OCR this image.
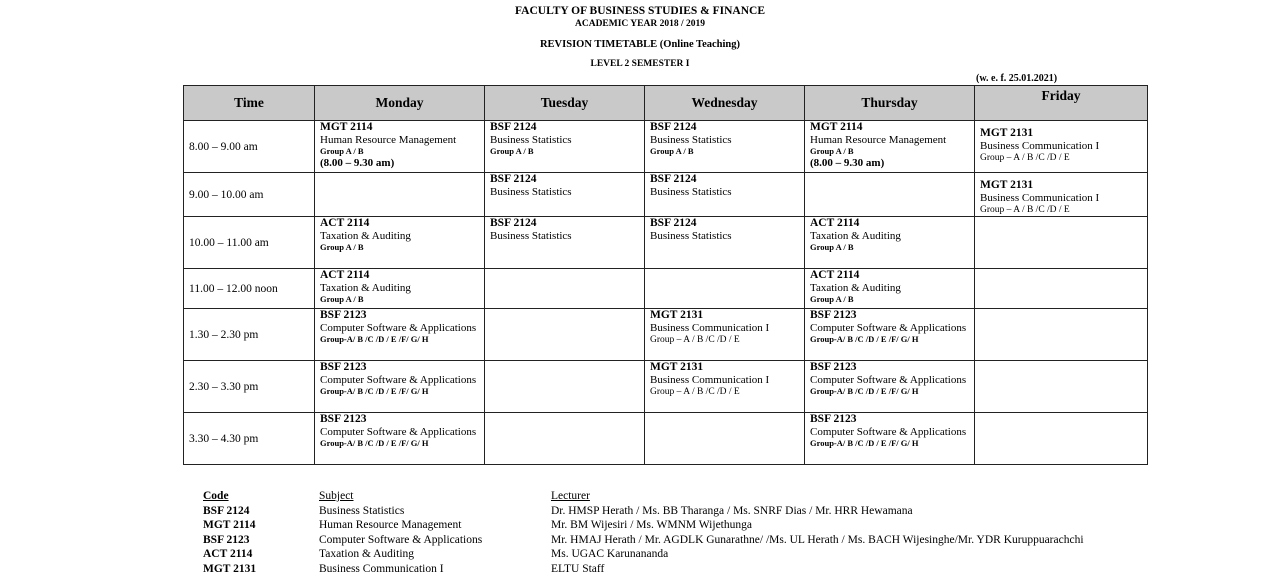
FACULTY OF BUSINESS STUDIES & FINANCE
ACADEMIC YEAR 2018 / 2019
REVISION TIMETABLE (Online Teaching)
LEVEL 2 SEMESTER I
(w. e. f. 25.01.2021)
Time	Monday	Tuesday	Wednesday	Thursday	Friday
8.00 – 9.00 am	MGT 2114
Human Resource Management
Group A / B
(8.00 – 9.30 am)	BSF 2124
Business Statistics
Group A / B	BSF 2124
Business Statistics
Group A / B	MGT 2114
Human Resource Management
Group A / B
(8.00 – 9.30 am)	MGT 2131
Business Communication I
Group – A / B /C /D / E

9.00 – 10.00 am		BSF 2124
Business Statistics	BSF 2124
Business Statistics		MGT 2131
Business Communication I
Group – A / B /C /D / E

10.00 – 11.00 am	ACT 2114
Taxation & Auditing
Group A / B	BSF 2124
Business Statistics	BSF 2124
Business Statistics	ACT 2114
Taxation & Auditing
Group A / B	

11.00 – 12.00 noon	ACT 2114
Taxation & Auditing
Group A / B			ACT 2114
Taxation & Auditing
Group A / B	

1.30 – 2.30 pm	BSF 2123
Computer Software & Applications
Group-A/ B /C /D / E /F/ G/ H		MGT 2131
Business Communication I
Group – A / B /C /D / E	BSF 2123
Computer Software & Applications
Group-A/ B /C /D / E /F/ G/ H	

2.30 – 3.30 pm	BSF 2123
Computer Software & Applications
Group-A/ B /C /D / E /F/ G/ H		MGT 2131
Business Communication I
Group – A / B /C /D / E	BSF 2123
Computer Software & Applications
Group-A/ B /C /D / E /F/ G/ H	

3.30 – 4.30 pm	BSF 2123
Computer Software & Applications
Group-A/ B /C /D / E /F/ G/ H			BSF 2123
Computer Software & Applications
Group-A/ B /C /D / E /F/ G/ H	

Code	Subject	Lecturer
BSF 2124	Business Statistics	Dr. HMSP Herath / Ms. BB Tharanga / Ms. SNRF Dias / Mr. HRR Hewamana
MGT 2114	Human Resource Management	Mr. BM Wijesiri / Ms. WMNM Wijethunga
BSF 2123	Computer Software & Applications	Mr. HMAJ Herath / Mr. AGDLK Gunarathne/ /Ms. UL Herath / Ms. BACH Wijesinghe/Mr. YDR Kuruppuarachchi
ACT 2114	Taxation & Auditing	Ms. UGAC Karunananda
MGT 2131	Business Communication I	ELTU Staff
